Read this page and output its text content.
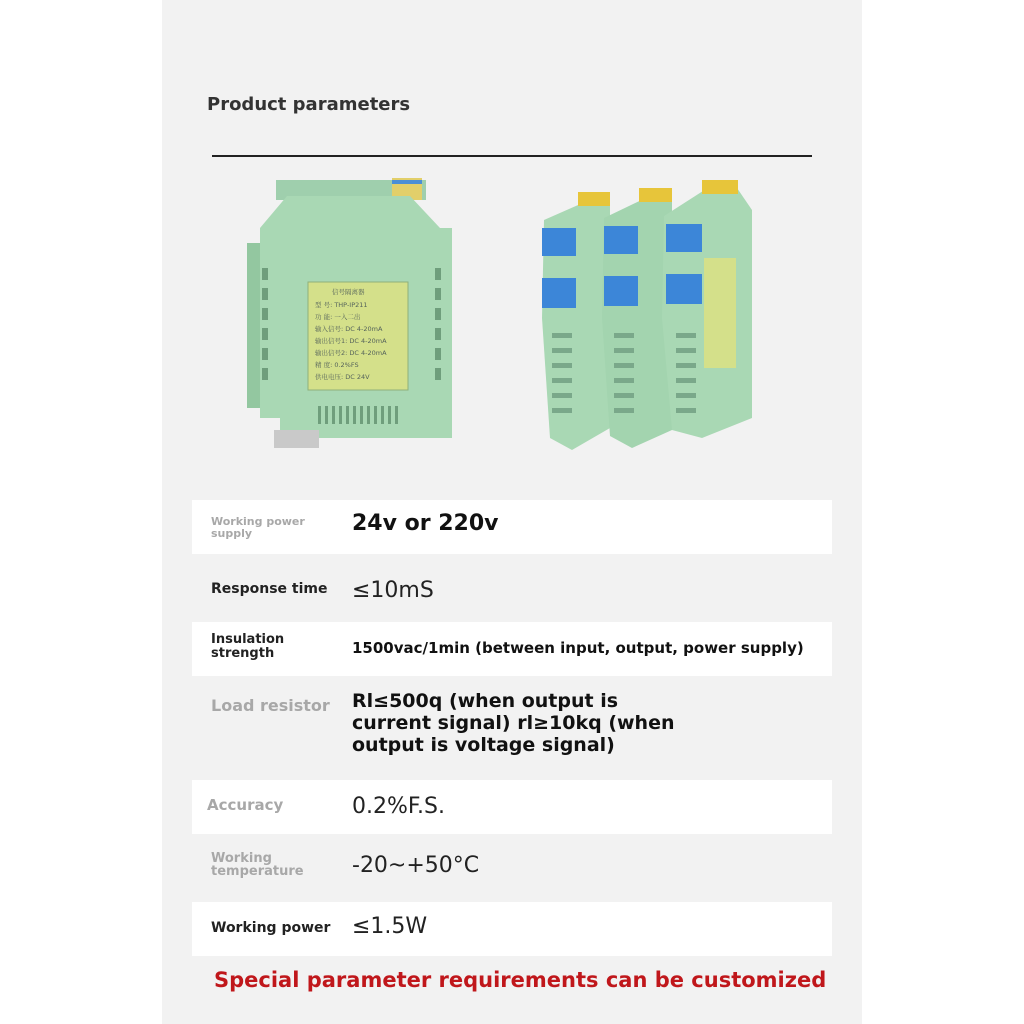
Product parameters
信号隔离器
型 号: THP-IP211
功 能: 一入二出
输入信号: DC 4-20mA
输出信号1: DC 4-20mA
输出信号2: DC 4-20mA
精 度: 0.2%FS
供电电压: DC 24V
Working power supply	24v or 220v
Response time ≤10mS
Insulation strength	1500vac/1min (between input, output, power supply)
Load resistor Rl≤500q (when output is current signal) rl≥10kq (when output is voltage signal)
Accuracy	0.2%F.S.
Working temperature	-20~+50°C
Working power ≤1.5W
Special parameter requirements can be customized
